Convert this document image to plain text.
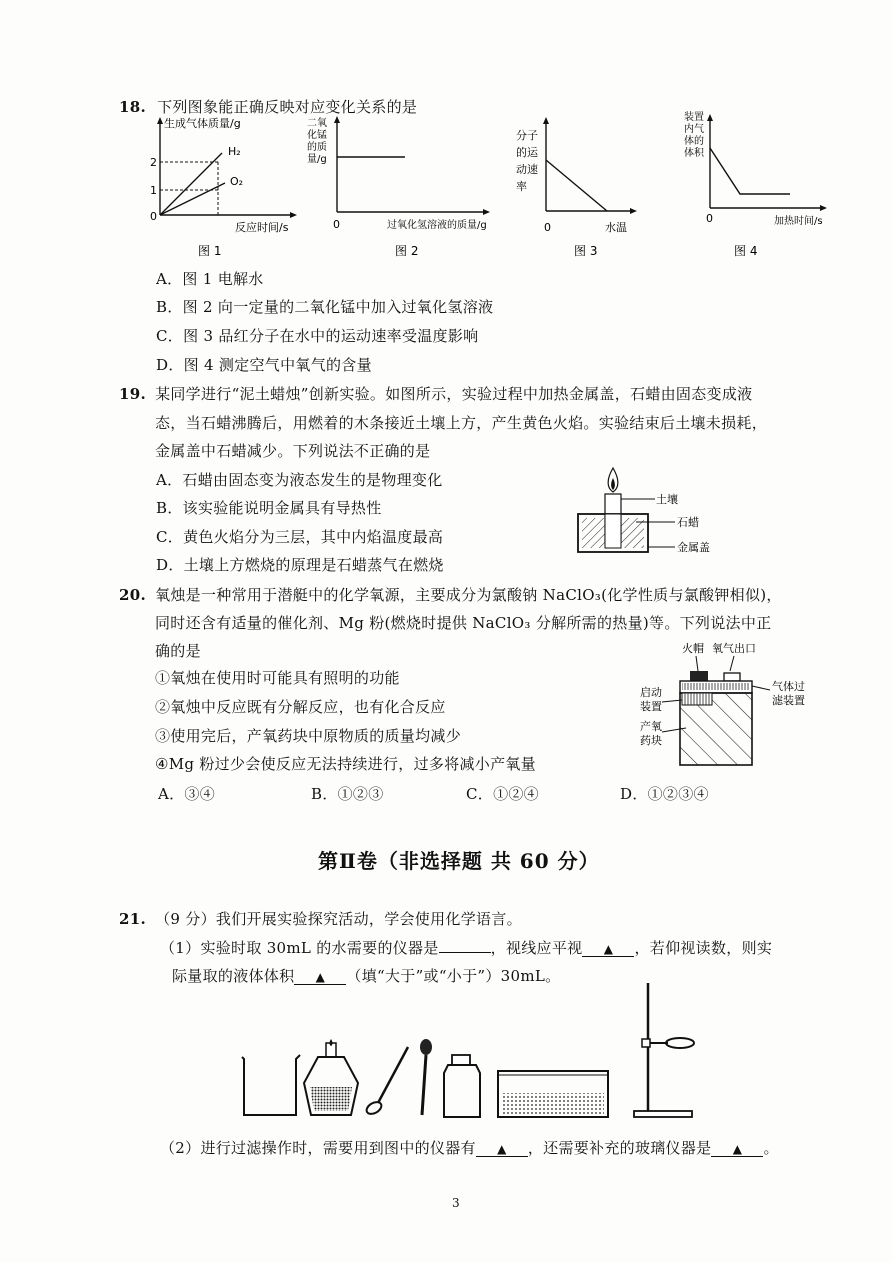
18. 下列图象能正确反映对应变化关系的是
生成气体质量/g
2
1
0
H₂
O₂
反应时间/s
图 1
二氧
化锰
的质
量/g
0	过氧化氢溶液的质量/g
图 2
分子
的运
动速
率
0	水温
图 3
装置
内气
体的
体积
0	加热时间/s
图 4
A．图 1 电解水
B．图 2 向一定量的二氧化锰中加入过氧化氢溶液
C．图 3 品红分子在水中的运动速率受温度影响
D．图 4 测定空气中氧气的含量
19. 某同学进行“泥土蜡烛”创新实验。如图所示，实验过程中加热金属盖，石蜡由固态变成液
态，当石蜡沸腾后，用燃着的木条接近土壤上方，产生黄色火焰。实验结束后土壤未损耗，
金属盖中石蜡减少。下列说法不正确的是
A．石蜡由固态变为液态发生的是物理变化
B．该实验能说明金属具有导热性
C．黄色火焰分为三层，其中内焰温度最高
D．土壤上方燃烧的原理是石蜡蒸气在燃烧
土壤
石蜡
金属盖
20. 氧烛是一种常用于潜艇中的化学氧源，主要成分为氯酸钠 NaClO₃(化学性质与氯酸钾相似)，
同时还含有适量的催化剂、Mg 粉(燃烧时提供 NaClO₃ 分解所需的热量)等。下列说法中正
确的是
①氧烛在使用时可能具有照明的功能
②氧烛中反应既有分解反应，也有化合反应
③使用完后，产氧药块中原物质的质量均减少
④Mg 粉过少会使反应无法持续进行，过多将减小产氧量
A．③④	B．①②③	C．①②④	D．①②③④
火帽 氧气出口
启动
装置
产氧
药块
气体过
滤装置
第Ⅱ卷（非选择题 共 60 分）
21. （9 分）我们开展实验探究活动，学会使用化学语言。
（1）实验时取 30mL 的水需要的仪器是	，视线应平视 ▲ ，若仰视读数，则实
际量取的液体体积 ▲ （填“大于”或“小于”）30mL。
（2）进行过滤操作时，需要用到图中的仪器有 ▲ ，还需要补充的玻璃仪器是 ▲ 。
3
